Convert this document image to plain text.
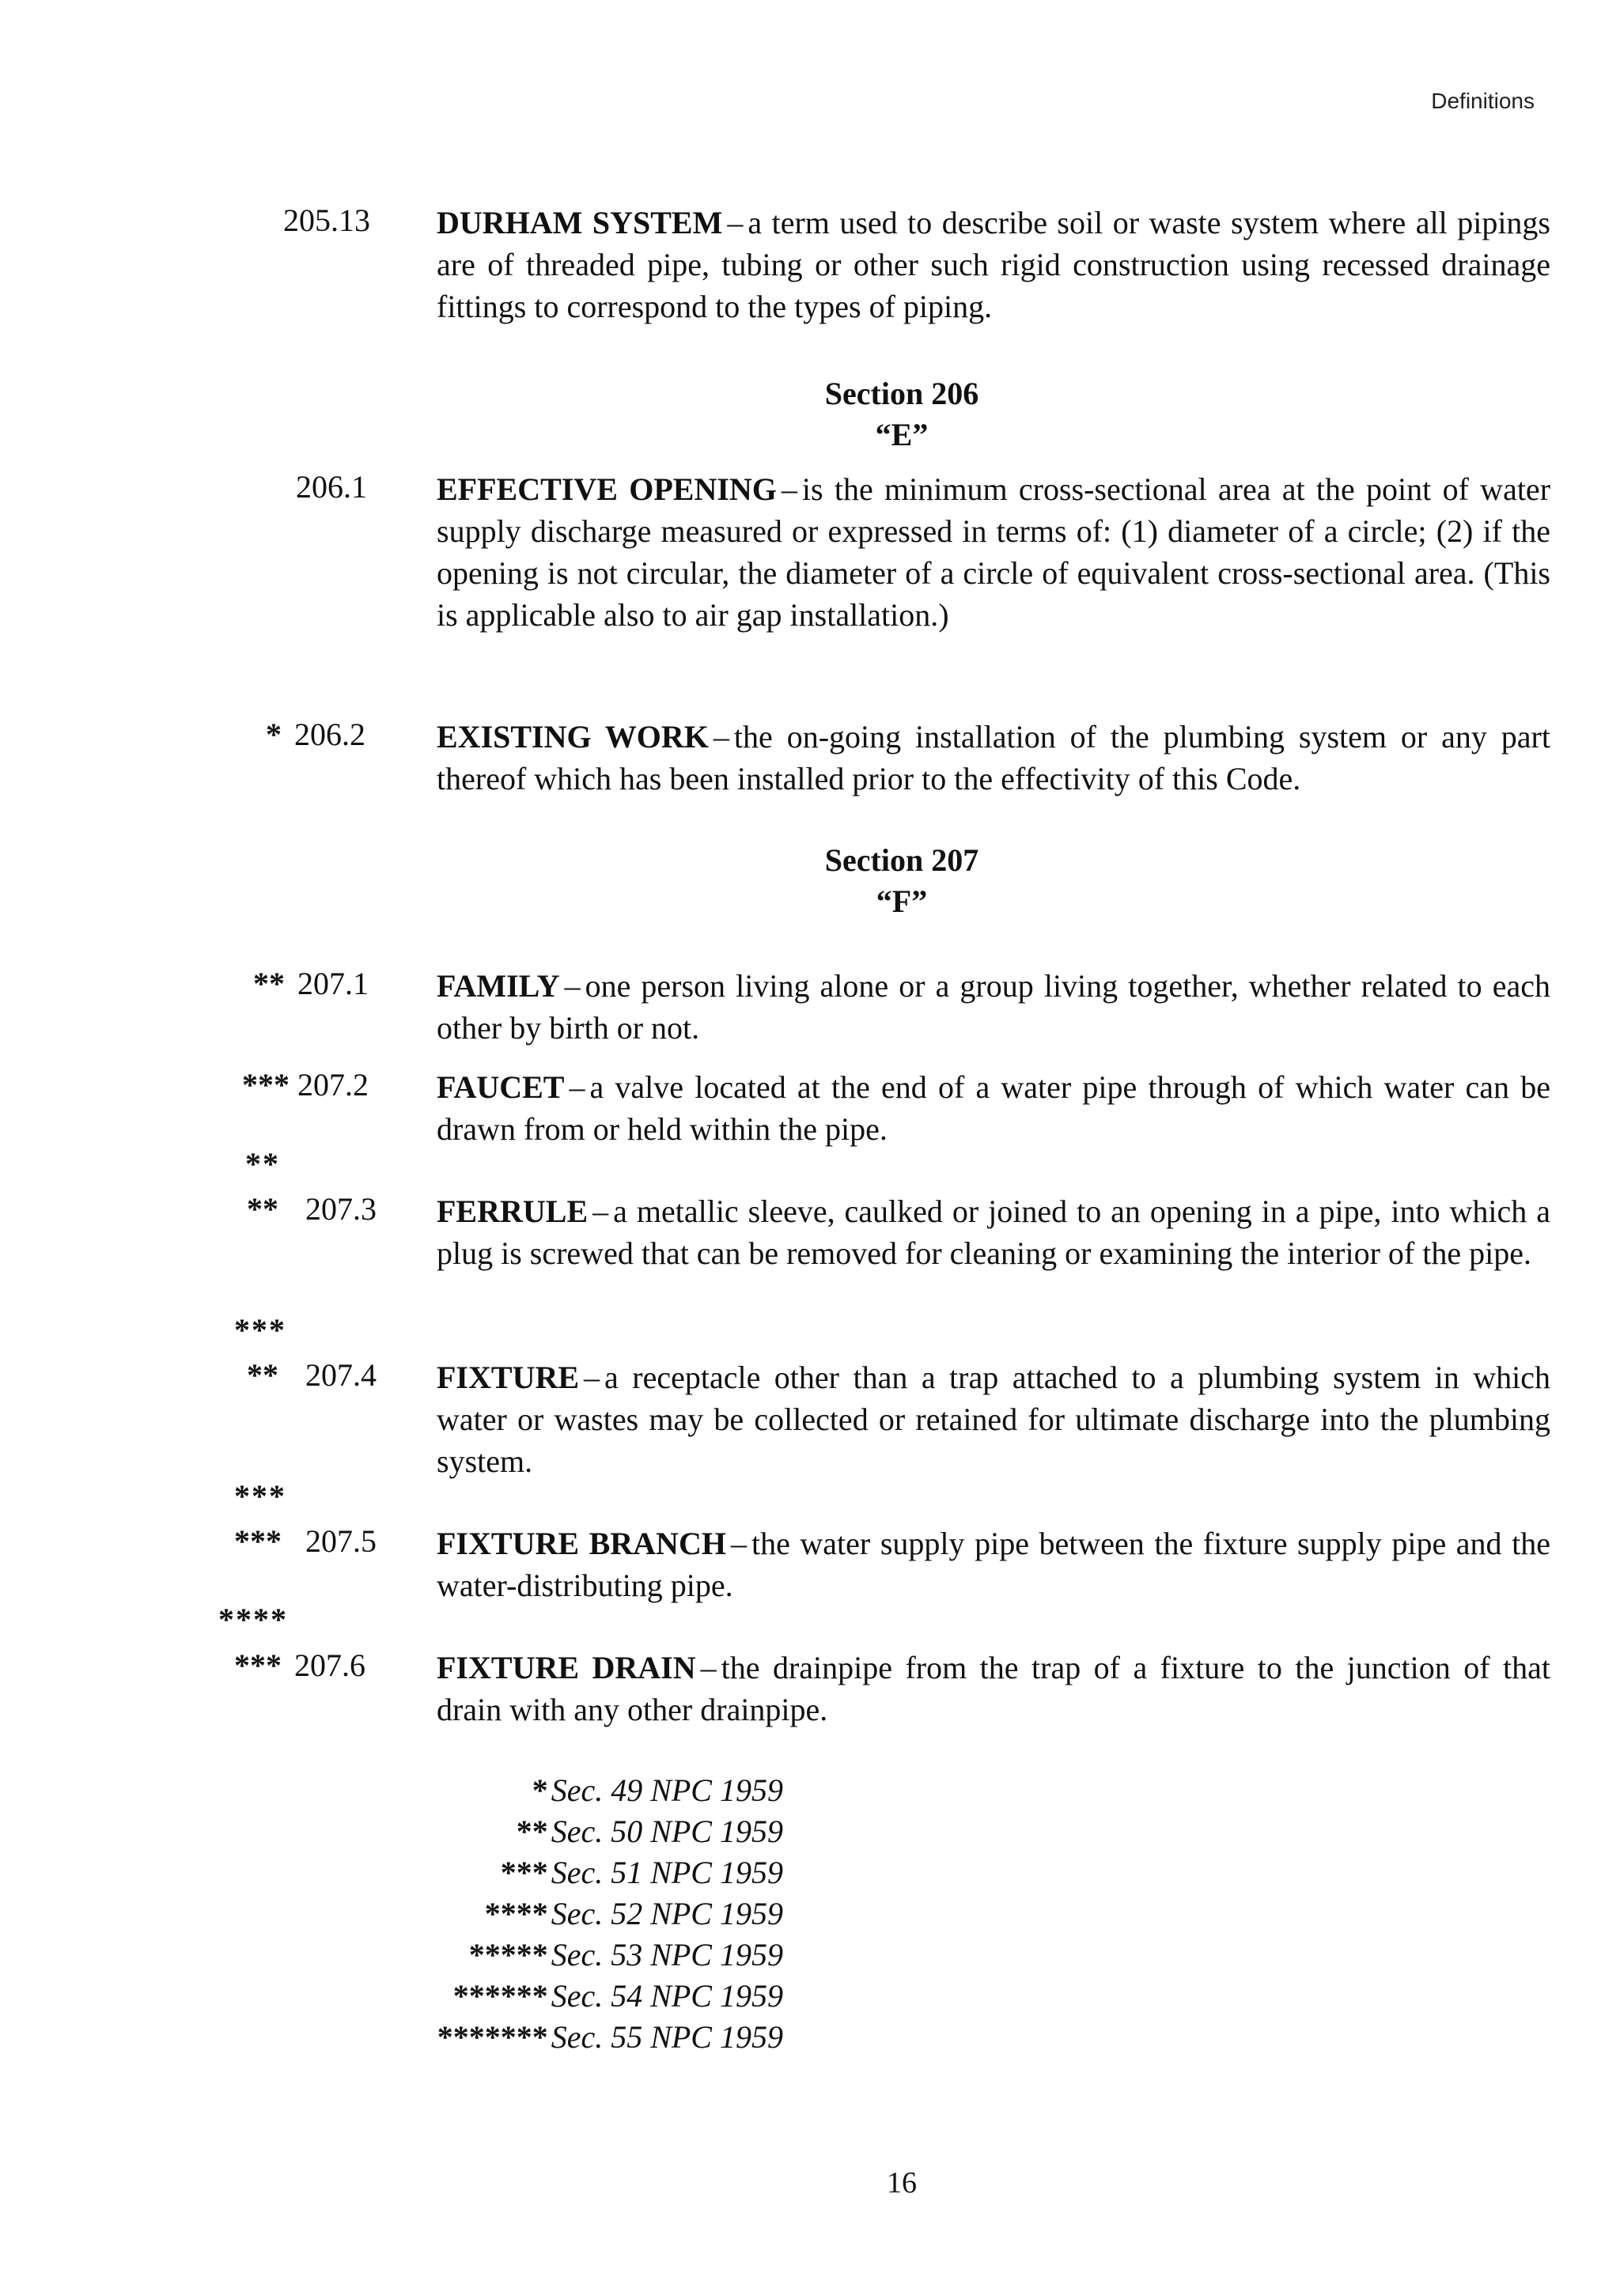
Definitions
205.13 DURHAM SYSTEM – a term used to describe soil or waste system where all pipings are of threaded pipe, tubing or other such rigid construction using recessed drainage fittings to correspond to the types of piping.
Section 206
“E”
206.1 EFFECTIVE OPENING – is the minimum cross-sectional area at the point of water supply discharge measured or expressed in terms of: (1) diameter of a circle; (2) if the opening is not circular, the diameter of a circle of equivalent cross-sectional area. (This is applicable also to air gap installation.)
* 206.2 EXISTING WORK – the on-going installation of the plumbing system or any part thereof which has been installed prior to the effectivity of this Code.
Section 207
“F”
** 207.1 FAMILY – one person living alone or a group living together, whether related to each other by birth or not.
*** 207.2 FAUCET – a valve located at the end of a water pipe through of which water can be drawn from or held within the pipe.
**
** 207.3 FERRULE – a metallic sleeve, caulked or joined to an opening in a pipe, into which a plug is screwed that can be removed for cleaning or examining the interior of the pipe.
***
** 207.4 FIXTURE – a receptacle other than a trap attached to a plumbing system in which water or wastes may be collected or retained for ultimate discharge into the plumbing system.
***
*** 207.5 FIXTURE BRANCH – the water supply pipe between the fixture supply pipe and the water-distributing pipe.
****
*** 207.6 FIXTURE DRAIN – the drainpipe from the trap of a fixture to the junction of that drain with any other drainpipe.
* Sec. 49 NPC 1959
** Sec. 50 NPC 1959
*** Sec. 51 NPC 1959
**** Sec. 52 NPC 1959
***** Sec. 53 NPC 1959
****** Sec. 54 NPC 1959
******* Sec. 55 NPC 1959
16
